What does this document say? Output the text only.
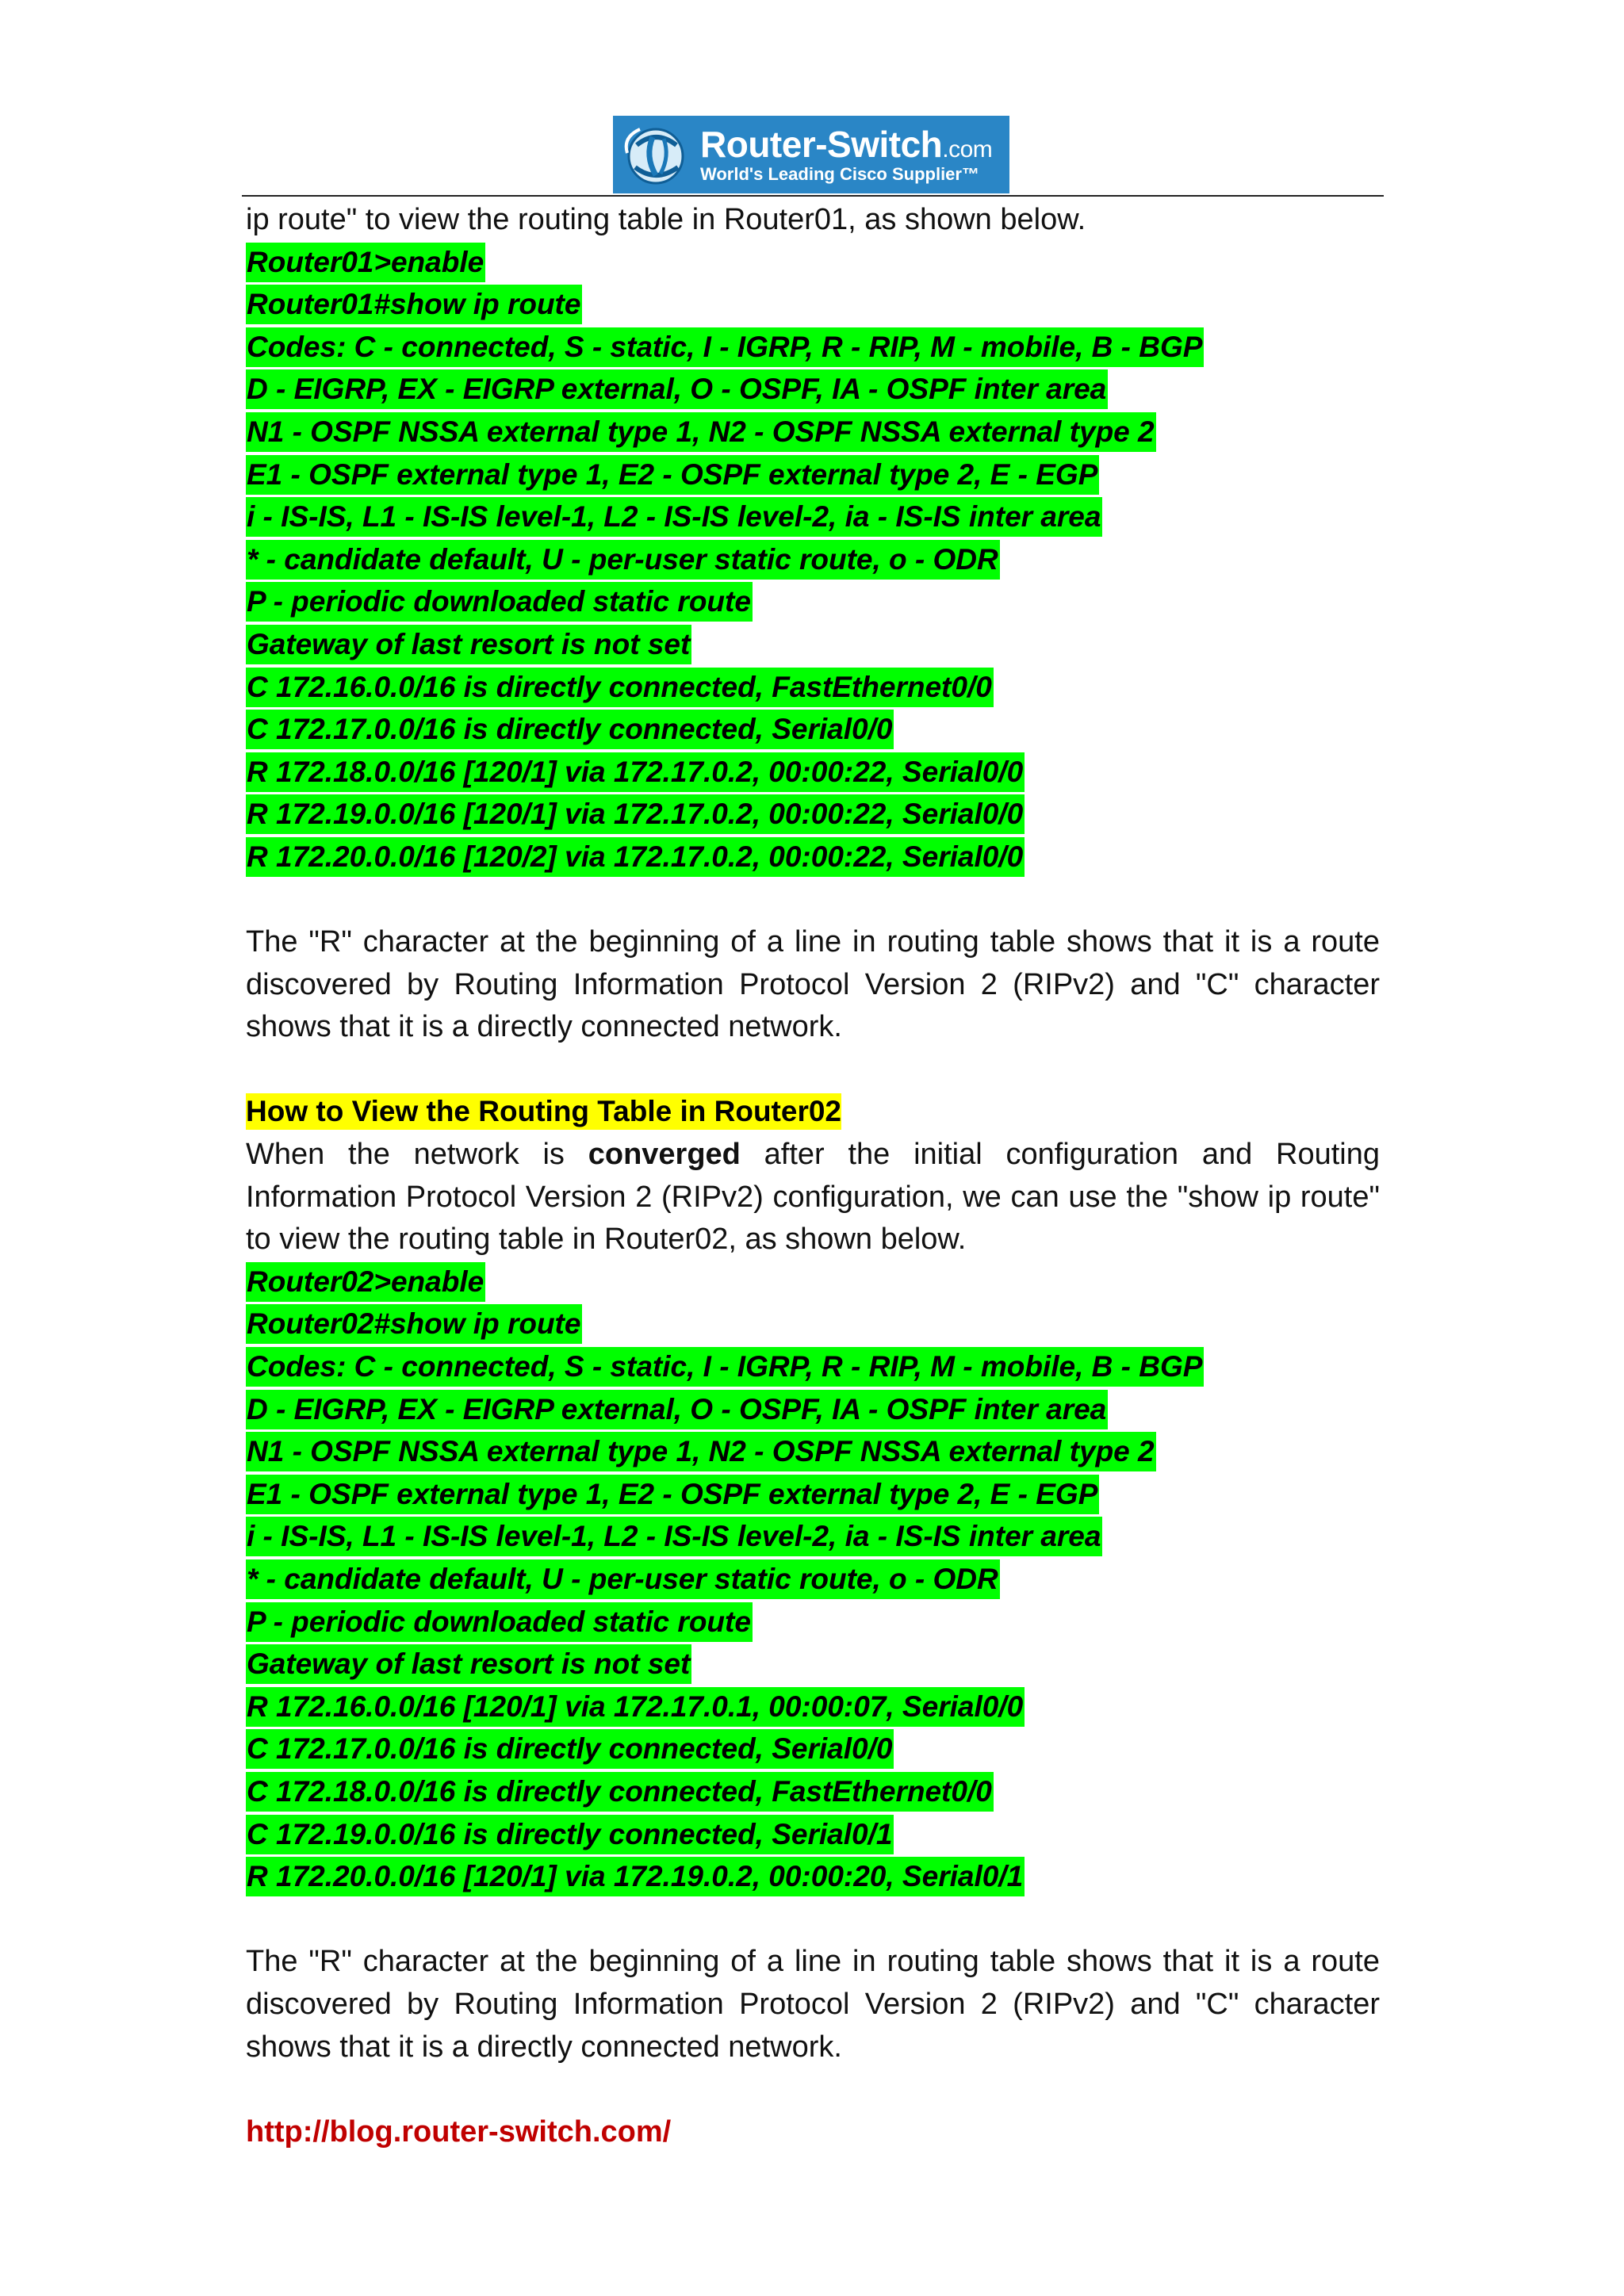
Router-Switch.com
World's Leading Cisco Supplier™
ip route" to view the routing table in Router01, as shown below.
Router01>enable
Router01#show ip route
Codes: C - connected, S - static, I - IGRP, R - RIP, M - mobile, B - BGP
D - EIGRP, EX - EIGRP external, O - OSPF, IA - OSPF inter area
N1 - OSPF NSSA external type 1, N2 - OSPF NSSA external type 2
E1 - OSPF external type 1, E2 - OSPF external type 2, E - EGP
i - IS-IS, L1 - IS-IS level-1, L2 - IS-IS level-2, ia - IS-IS inter area
* - candidate default, U - per-user static route, o - ODR
P - periodic downloaded static route
Gateway of last resort is not set
C 172.16.0.0/16 is directly connected, FastEthernet0/0
C 172.17.0.0/16 is directly connected, Serial0/0
R 172.18.0.0/16 [120/1] via 172.17.0.2, 00:00:22, Serial0/0
R 172.19.0.0/16 [120/1] via 172.17.0.2, 00:00:22, Serial0/0
R 172.20.0.0/16 [120/2] via 172.17.0.2, 00:00:22, Serial0/0
The "R" character at the beginning of a line in routing table shows that it is a route discovered by Routing Information Protocol Version 2 (RIPv2) and "C" character shows that it is a directly connected network.
How to View the Routing Table in Router02
When the network is converged after the initial configuration and Routing Information Protocol Version 2 (RIPv2) configuration, we can use the "show ip route" to view the routing table in Router02, as shown below.
Router02>enable
Router02#show ip route
Codes: C - connected, S - static, I - IGRP, R - RIP, M - mobile, B - BGP
D - EIGRP, EX - EIGRP external, O - OSPF, IA - OSPF inter area
N1 - OSPF NSSA external type 1, N2 - OSPF NSSA external type 2
E1 - OSPF external type 1, E2 - OSPF external type 2, E - EGP
i - IS-IS, L1 - IS-IS level-1, L2 - IS-IS level-2, ia - IS-IS inter area
* - candidate default, U - per-user static route, o - ODR
P - periodic downloaded static route
Gateway of last resort is not set
R 172.16.0.0/16 [120/1] via 172.17.0.1, 00:00:07, Serial0/0
C 172.17.0.0/16 is directly connected, Serial0/0
C 172.18.0.0/16 is directly connected, FastEthernet0/0
C 172.19.0.0/16 is directly connected, Serial0/1
R 172.20.0.0/16 [120/1] via 172.19.0.2, 00:00:20, Serial0/1
The "R" character at the beginning of a line in routing table shows that it is a route discovered by Routing Information Protocol Version 2 (RIPv2) and "C" character shows that it is a directly connected network.
http://blog.router-switch.com/
